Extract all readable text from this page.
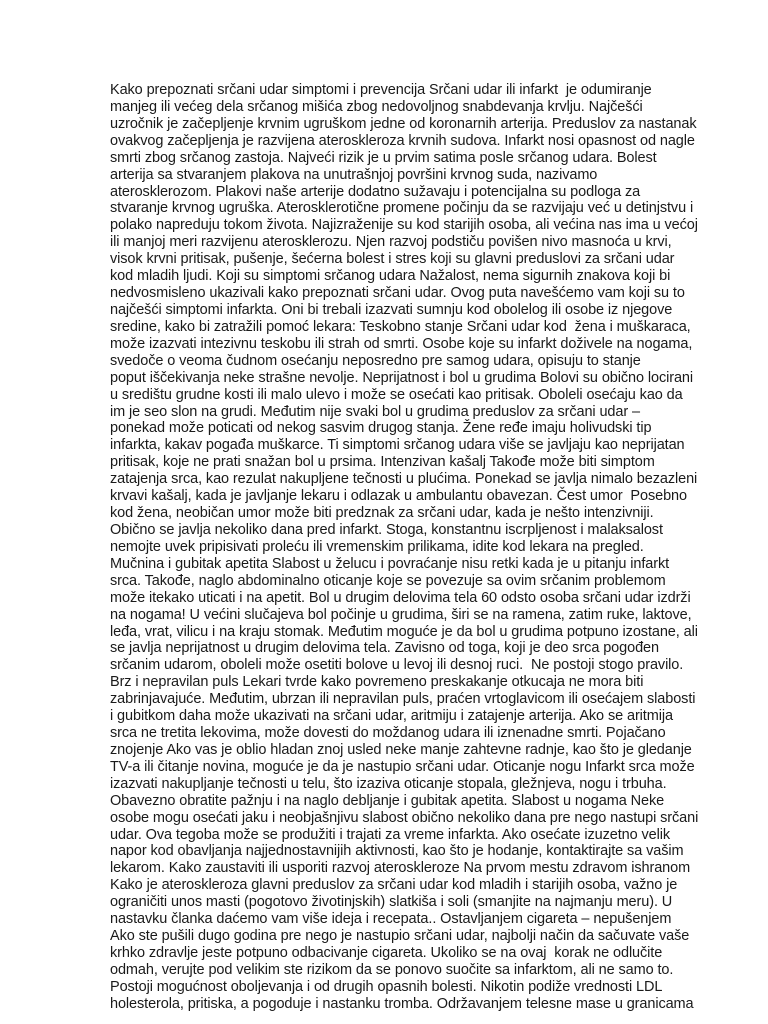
Kako prepoznati srčani udar simptomi i prevencija Srčani udar ili infarkt  je odumiranje
manjeg ili većeg dela srčanog mišića zbog nedovoljnog snabdevanja krvlju. Najčešći
uzročnik je začepljenje krvnim ugruškom jedne od koronarnih arterija. Preduslov za nastanak
ovakvog začepljenja je razvijena ateroskleroza krvnih sudova. Infarkt nosi opasnost od nagle
smrti zbog srčanog zastoja. Najveći rizik je u prvim satima posle srčanog udara. Bolest
arterija sa stvaranjem plakova na unutrašnjoj površini krvnog suda, nazivamo
aterosklerozom. Plakovi naše arterije dodatno sužavaju i potencijalna su podloga za
stvaranje krvnog ugruška. Aterosklerotične promene počinju da se razvijaju već u detinjstvu i
polako napreduju tokom života. Najizraženije su kod starijih osoba, ali većina nas ima u većoj
ili manjoj meri razvijenu aterosklerozu. Njen razvoj podstiču povišen nivo masnoća u krvi,
visok krvni pritisak, pušenje, šećerna bolest i stres koji su glavni preduslovi za srčani udar
kod mladih ljudi. Koji su simptomi srčanog udara Nažalost, nema sigurnih znakova koji bi
nedvosmisleno ukazivali kako prepoznati srčani udar. Ovog puta navešćemo vam koji su to
najčešći simptomi infarkta. Oni bi trebali izazvati sumnju kod obolelog ili osobe iz njegove
sredine, kako bi zatražili pomoć lekara: Teskobno stanje Srčani udar kod  žena i muškaraca,
može izazvati intezivnu teskobu ili strah od smrti. Osobe koje su infarkt doživele na nogama,
svedoče o veoma čudnom osećanju neposredno pre samog udara, opisuju to stanje
poput iščekivanja neke strašne nevolje. Neprijatnost i bol u grudima Bolovi su obično locirani
u središtu grudne kosti ili malo ulevo i može se osećati kao pritisak. Oboleli osećaju kao da
im je seo slon na grudi. Međutim nije svaki bol u grudima preduslov za srčani udar –
ponekad može poticati od nekog sasvim drugog stanja. Žene ređe imaju holivudski tip
infarkta, kakav pogađa muškarce. Ti simptomi srčanog udara više se javljaju kao neprijatan
pritisak, koje ne prati snažan bol u prsima. Intenzivan kašalj Takođe može biti simptom
zatajenja srca, kao rezulat nakupljene tečnosti u plućima. Ponekad se javlja nimalo bezazleni
krvavi kašalj, kada je javljanje lekaru i odlazak u ambulantu obavezan. Čest umor  Posebno
kod žena, neobičan umor može biti predznak za srčani udar, kada je nešto intenzivniji.
Obično se javlja nekoliko dana pred infarkt. Stoga, konstantnu iscrpljenost i malaksalost
nemojte uvek pripisivati proleću ili vremenskim prilikama, idite kod lekara na pregled.
Mučnina i gubitak apetita Slabost u želucu i povraćanje nisu retki kada je u pitanju infarkt
srca. Takođe, naglo abdominalno oticanje koje se povezuje sa ovim srčanim problemom
može itekako uticati i na apetit. Bol u drugim delovima tela 60 odsto osoba srčani udar izdrži
na nogama! U većini slučajeva bol počinje u grudima, širi se na ramena, zatim ruke, laktove,
leđa, vrat, vilicu i na kraju stomak. Međutim moguće je da bol u grudima potpuno izostane, ali
se javlja neprijatnost u drugim delovima tela. Zavisno od toga, koji je deo srca pogođen
srčanim udarom, oboleli može osetiti bolove u levoj ili desnoj ruci.  Ne postoji stogo pravilo.
Brz i nepravilan puls Lekari tvrde kako povremeno preskakanje otkucaja ne mora biti
zabrinjavajuće. Međutim, ubrzan ili nepravilan puls, praćen vrtoglavicom ili osećajem slabosti
i gubitkom daha može ukazivati na srčani udar, aritmiju i zatajenje arterija. Ako se aritmija
srca ne tretita lekovima, može dovesti do moždanog udara ili iznenadne smrti. Pojačano
znojenje Ako vas je oblio hladan znoj usled neke manje zahtevne radnje, kao što je gledanje
TV-a ili čitanje novina, moguće je da je nastupio srčani udar. Oticanje nogu Infarkt srca može
izazvati nakupljanje tečnosti u telu, što izaziva oticanje stopala, gležnjeva, nogu i trbuha.
Obavezno obratite pažnju i na naglo debljanje i gubitak apetita. Slabost u nogama Neke
osobe mogu osećati jaku i neobjašnjivu slabost obično nekoliko dana pre nego nastupi srčani
udar. Ova tegoba može se produžiti i trajati za vreme infarkta. Ako osećate izuzetno velik
napor kod obavljanja najjednostavnijih aktivnosti, kao što je hodanje, kontaktirajte sa vašim
lekarom. Kako zaustaviti ili usporiti razvoj ateroskleroze Na prvom mestu zdravom ishranom
Kako je ateroskleroza glavni preduslov za srčani udar kod mladih i starijih osoba, važno je
ograničiti unos masti (pogotovo životinjskih) slatkiša i soli (smanjite na najmanju meru). U
nastavku članka daćemo vam više ideja i recepata.. Ostavljanjem cigareta – nepušenjem
Ako ste pušili dugo godina pre nego je nastupio srčani udar, najbolji način da sačuvate vaše
krhko zdravlje jeste potpuno odbacivanje cigareta. Ukoliko se na ovaj  korak ne odlučite
odmah, verujte pod velikim ste rizikom da se ponovo suočite sa infarktom, ali ne samo to.
Postoji mogućnost oboljevanja i od drugih opasnih bolesti. Nikotin podiže vrednosti LDL
holesterola, pritiska, a pogoduje i nastanku tromba. Održavanjem telesne mase u granicama
